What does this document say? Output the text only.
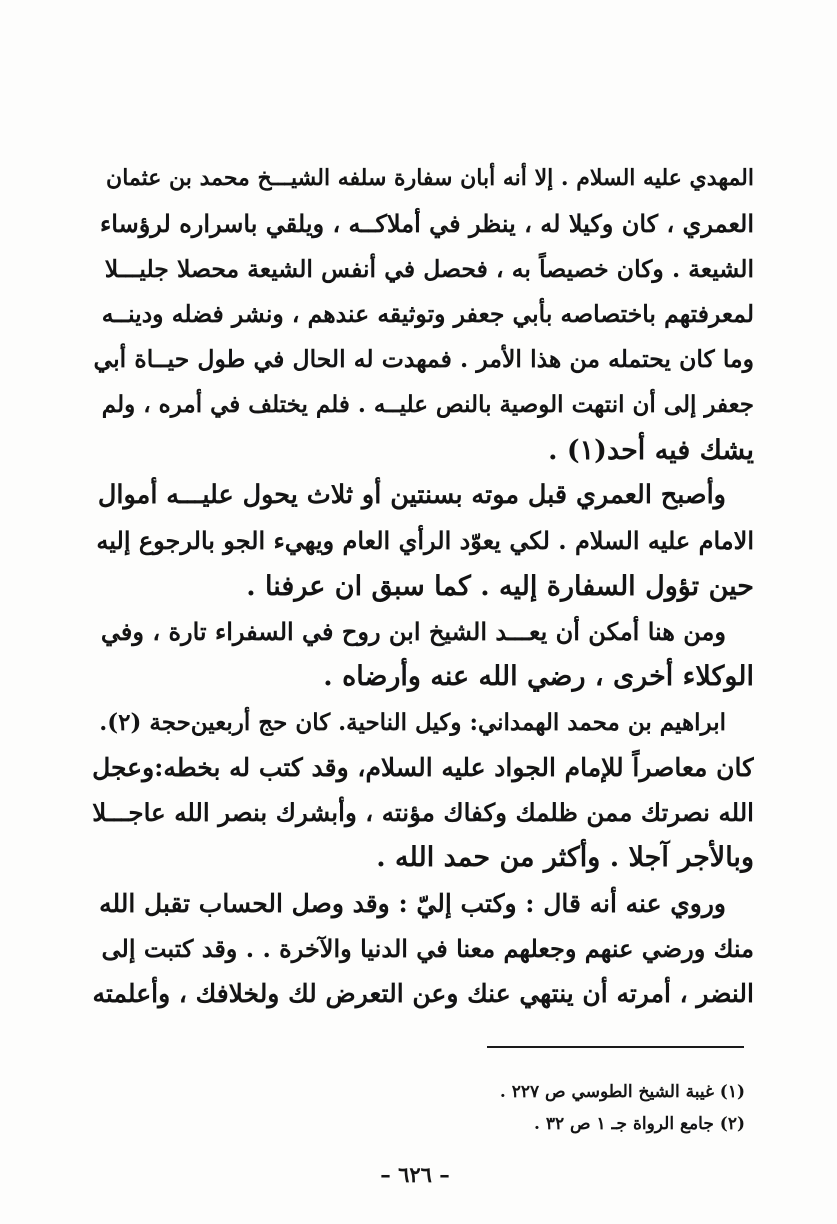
المهدي عليه السلام . إلا أنه أبان سفارة سلفه الشيـــخ محمد بن عثمان
العمري ، كان وكيلا له ، ينظر في أملاكــه ، ويلقي باسراره لرؤساء
الشيعة . وكان خصيصاً به ، فحصل في أنفس الشيعة محصلا جليـــلا
لمعرفتهم باختصاصه بأبي جعفر وتوثيقه عندهم ، ونشر فضله ودينــه
وما كان يحتمله من هذا الأمر . فمهدت له الحال في طول حيــاة أبي
جعفر إلى أن انتهت الوصية بالنص عليــه . فلم يختلف في أمره ، ولم
يشك فيه أحد(١) .
وأصبح العمري قبل موته بسنتين أو ثلاث يحول عليـــه أموال
الامام عليه السلام . لكي يعوّد الرأي العام ويهيء الجو بالرجوع إليه
حين تؤول السفارة إليه . كما سبق ان عرفنا .
ومن هنا أمكن أن يعـــد الشيخ ابن روح في السفراء تارة ، وفي
الوكلاء أخرى ، رضي الله عنه وأرضاه .
ابراهيم بن محمد الهمداني: وكيل الناحية. كان حج أربعين‌حجة (٢).
كان معاصراً للإمام الجواد عليه السلام، وقد كتب له بخطه:وعجل
الله نصرتك ممن ظلمك وكفاك مؤنته ، وأبشرك بنصر الله عاجـــلا
وبالأجر آجلا . وأكثر من حمد الله .
وروي عنه أنه قال : وكتب إليّ : وقد وصل الحساب تقبل الله
منك ورضي عنهم وجعلهم معنا في الدنيا والآخرة . . وقد كتبت إلى
النضر ، أمرته أن ينتهي عنك وعن التعرض لك ولخلافك ، وأعلمته
(١) غيبة الشيخ الطوسي ص ٢٢٧ .
(٢) جامع الرواة جـ ١ ص ٣٢ .
– ٦٢٦ –
